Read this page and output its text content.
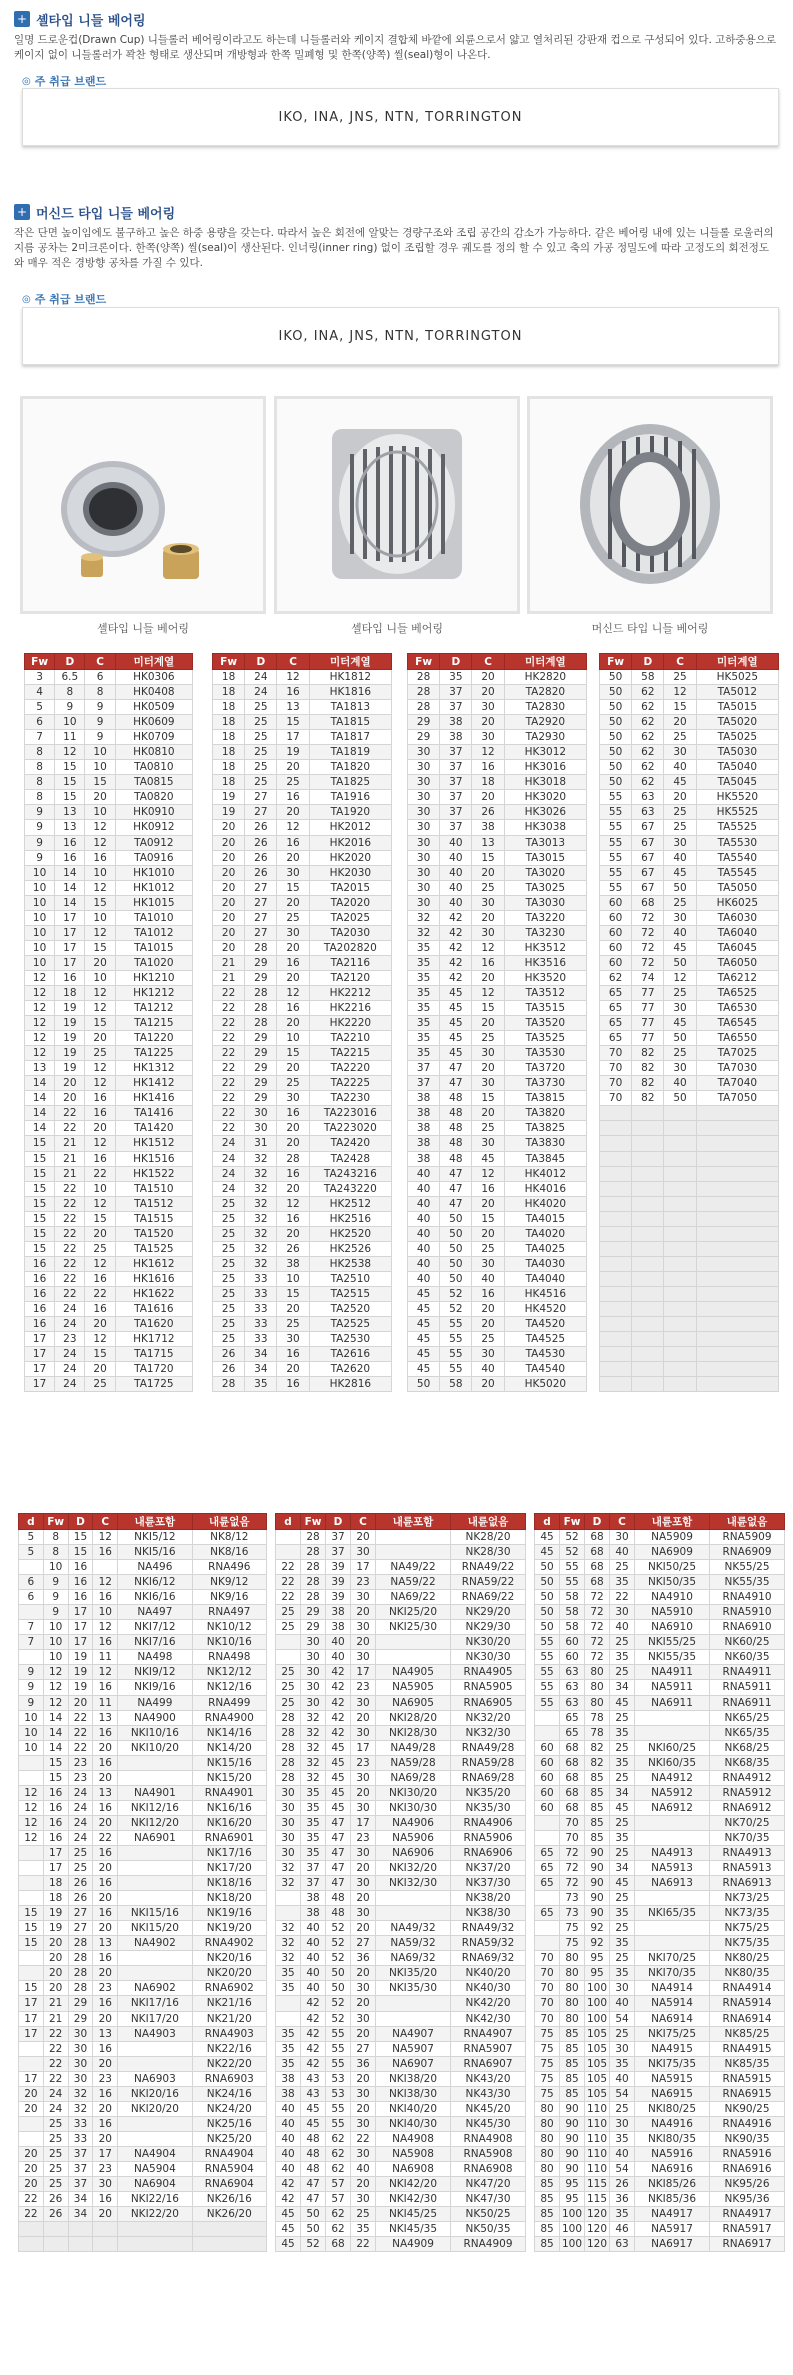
+ 셸타입 니들 베어링
일명 드로운컵(Drawn Cup) 니들롤러 베어링이라고도 하는데 니들롤러와 케이지 결합체 바깥에 외륜으로서 얇고 열처리된 강판재 컵으로 구성되어 있다. 고하중용으로 케이지 없이 니들롤러가 꽉찬 형태로 생산되며 개방형과 한쪽 밀폐형 및 한쪽(양쪽) 씰(seal)형이 나온다.
◎ 주 취급 브랜드
IKO, INA, JNS, NTN, TORRINGTON
+ 머신드 타입 니들 베어링
작은 단면 높이임에도 불구하고 높은 하중 용량을 갖는다. 따라서 높은 회전에 알맞는 경량구조와 조립 공간의 감소가 가능하다. 같은 베어링 내에 있는 니들롤 로울러의 지름 공차는 2미크론이다. 한쪽(양쪽) 씰(seal)이 생산된다. 인너링(inner ring) 없이 조립할 경우 궤도를 정의 할 수 있고 축의 가공 정밀도에 따라 고정도의 회전정도와 매우 적은 경방향 공차를 가질 수 있다.
◎ 주 취급 브랜드
IKO, INA, JNS, NTN, TORRINGTON
셸타입 니들 베어링	셸타입 니들 베어링	머신드 타입 니들 베어링
Fw	D	C	미터계열
3	6.5	6	HK0306
4	8	8	HK0408
5	9	9	HK0509
6	10	9	HK0609
7	11	9	HK0709
8	12	10	HK0810
8	15	10	TA0810
8	15	15	TA0815
8	15	20	TA0820
9	13	10	HK0910
9	13	12	HK0912
9	16	12	TA0912
9	16	16	TA0916
10	14	10	HK1010
10	14	12	HK1012
10	14	15	HK1015
10	17	10	TA1010
10	17	12	TA1012
10	17	15	TA1015
10	17	20	TA1020
12	16	10	HK1210
12	18	12	HK1212
12	19	12	TA1212
12	19	15	TA1215
12	19	20	TA1220
12	19	25	TA1225
13	19	12	HK1312
14	20	12	HK1412
14	20	16	HK1416
14	22	16	TA1416
14	22	20	TA1420
15	21	12	HK1512
15	21	16	HK1516
15	21	22	HK1522
15	22	10	TA1510
15	22	12	TA1512
15	22	15	TA1515
15	22	20	TA1520
15	22	25	TA1525
16	22	12	HK1612
16	22	16	HK1616
16	22	22	HK1622
16	24	16	TA1616
16	24	20	TA1620
17	23	12	HK1712
17	24	15	TA1715
17	24	20	TA1720
17	24	25	TA1725
Fw	D	C	미터계열
18	24	12	HK1812
18	24	16	HK1816
18	25	13	TA1813
18	25	15	TA1815
18	25	17	TA1817
18	25	19	TA1819
18	25	20	TA1820
18	25	25	TA1825
19	27	16	TA1916
19	27	20	TA1920
20	26	12	HK2012
20	26	16	HK2016
20	26	20	HK2020
20	26	30	HK2030
20	27	15	TA2015
20	27	20	TA2020
20	27	25	TA2025
20	27	30	TA2030
20	28	20	TA202820
21	29	16	TA2116
21	29	20	TA2120
22	28	12	HK2212
22	28	16	HK2216
22	28	20	HK2220
22	29	10	TA2210
22	29	15	TA2215
22	29	20	TA2220
22	29	25	TA2225
22	29	30	TA2230
22	30	16	TA223016
22	30	20	TA223020
24	31	20	TA2420
24	32	28	TA2428
24	32	16	TA243216
24	32	20	TA243220
25	32	12	HK2512
25	32	16	HK2516
25	32	20	HK2520
25	32	26	HK2526
25	32	38	HK2538
25	33	10	TA2510
25	33	15	TA2515
25	33	20	TA2520
25	33	25	TA2525
25	33	30	TA2530
26	34	16	TA2616
26	34	20	TA2620
28	35	16	HK2816
Fw	D	C	미터계열
28	35	20	HK2820
28	37	20	TA2820
28	37	30	TA2830
29	38	20	TA2920
29	38	30	TA2930
30	37	12	HK3012
30	37	16	HK3016
30	37	18	HK3018
30	37	20	HK3020
30	37	26	HK3026
30	37	38	HK3038
30	40	13	TA3013
30	40	15	TA3015
30	40	20	TA3020
30	40	25	TA3025
30	40	30	TA3030
32	42	20	TA3220
32	42	30	TA3230
35	42	12	HK3512
35	42	16	HK3516
35	42	20	HK3520
35	45	12	TA3512
35	45	15	TA3515
35	45	20	TA3520
35	45	25	TA3525
35	45	30	TA3530
37	47	20	TA3720
37	47	30	TA3730
38	48	15	TA3815
38	48	20	TA3820
38	48	25	TA3825
38	48	30	TA3830
38	48	45	TA3845
40	47	12	HK4012
40	47	16	HK4016
40	47	20	HK4020
40	50	15	TA4015
40	50	20	TA4020
40	50	25	TA4025
40	50	30	TA4030
40	50	40	TA4040
45	52	16	HK4516
45	52	20	HK4520
45	55	20	TA4520
45	55	25	TA4525
45	55	30	TA4530
45	55	40	TA4540
50	58	20	HK5020
Fw	D	C	미터계열
50	58	25	HK5025
50	62	12	TA5012
50	62	15	TA5015
50	62	20	TA5020
50	62	25	TA5025
50	62	30	TA5030
50	62	40	TA5040
50	62	45	TA5045
55	63	20	HK5520
55	63	25	HK5525
55	67	25	TA5525
55	67	30	TA5530
55	67	40	TA5540
55	67	45	TA5545
55	67	50	TA5050
60	68	25	HK6025
60	72	30	TA6030
60	72	40	TA6040
60	72	45	TA6045
60	72	50	TA6050
62	74	12	TA6212
65	77	25	TA6525
65	77	30	TA6530
65	77	45	TA6545
65	77	50	TA6550
70	82	25	TA7025
70	82	30	TA7030
70	82	40	TA7040
70	82	50	TA7050

d	Fw	D	C	내륜포함	내륜없음
5	8	15	12	NKI5/12	NK8/12
5	8	15	16	NKI5/16	NK8/16
	10	16		NA496	RNA496
6	9	16	12	NKI6/12	NK9/12
6	9	16	16	NKI6/16	NK9/16
	9	17	10	NA497	RNA497
7	10	17	12	NKI7/12	NK10/12
7	10	17	16	NKI7/16	NK10/16
	10	19	11	NA498	RNA498
9	12	19	12	NKI9/12	NK12/12
9	12	19	16	NKI9/16	NK12/16
9	12	20	11	NA499	RNA499
10	14	22	13	NA4900	RNA4900
10	14	22	16	NKI10/16	NK14/16
10	14	22	20	NKI10/20	NK14/20
	15	23	16		NK15/16
	15	23	20		NK15/20
12	16	24	13	NA4901	RNA4901
12	16	24	16	NKI12/16	NK16/16
12	16	24	20	NKI12/20	NK16/20
12	16	24	22	NA6901	RNA6901
	17	25	16		NK17/16
	17	25	20		NK17/20
	18	26	16		NK18/16
	18	26	20		NK18/20
15	19	27	16	NKI15/16	NK19/16
15	19	27	20	NKI15/20	NK19/20
15	20	28	13	NA4902	RNA4902
	20	28	16		NK20/16
	20	28	20		NK20/20
15	20	28	23	NA6902	RNA6902
17	21	29	16	NKI17/16	NK21/16
17	21	29	20	NKI17/20	NK21/20
17	22	30	13	NA4903	RNA4903
	22	30	16		NK22/16
	22	30	20		NK22/20
17	22	30	23	NA6903	RNA6903
20	24	32	16	NKI20/16	NK24/16
20	24	32	20	NKI20/20	NK24/20
	25	33	16		NK25/16
	25	33	20		NK25/20
20	25	37	17	NA4904	RNA4904
20	25	37	23	NA5904	RNA5904
20	25	37	30	NA6904	RNA6904
22	26	34	16	NKI22/16	NK26/16
22	26	34	20	NKI22/20	NK26/20

d	Fw	D	C	내륜포함	내륜없음
	28	37	20		NK28/20
	28	37	30		NK28/30
22	28	39	17	NA49/22	RNA49/22
22	28	39	23	NA59/22	RNA59/22
22	28	39	30	NA69/22	RNA69/22
25	29	38	20	NKI25/20	NK29/20
25	29	38	30	NKI25/30	NK29/30
	30	40	20		NK30/20
	30	40	30		NK30/30
25	30	42	17	NA4905	RNA4905
25	30	42	23	NA5905	RNA5905
25	30	42	30	NA6905	RNA6905
28	32	42	20	NKI28/20	NK32/20
28	32	42	30	NKI28/30	NK32/30
28	32	45	17	NA49/28	RNA49/28
28	32	45	23	NA59/28	RNA59/28
28	32	45	30	NA69/28	RNA69/28
30	35	45	20	NKI30/20	NK35/20
30	35	45	30	NKI30/30	NK35/30
30	35	47	17	NA4906	RNA4906
30	35	47	23	NA5906	RNA5906
30	35	47	30	NA6906	RNA6906
32	37	47	20	NKI32/20	NK37/20
32	37	47	30	NKI32/30	NK37/30
	38	48	20		NK38/20
	38	48	30		NK38/30
32	40	52	20	NA49/32	RNA49/32
32	40	52	27	NA59/32	RNA59/32
32	40	52	36	NA69/32	RNA69/32
35	40	50	20	NKI35/20	NK40/20
35	40	50	30	NKI35/30	NK40/30
	42	52	20		NK42/20
	42	52	30		NK42/30
35	42	55	20	NA4907	RNA4907
35	42	55	27	NA5907	RNA5907
35	42	55	36	NA6907	RNA6907
38	43	53	20	NKI38/20	NK43/20
38	43	53	30	NKI38/30	NK43/30
40	45	55	20	NKI40/20	NK45/20
40	45	55	30	NKI40/30	NK45/30
40	48	62	22	NA4908	RNA4908
40	48	62	30	NA5908	RNA5908
40	48	62	40	NA6908	RNA6908
42	47	57	20	NKI42/20	NK47/20
42	47	57	30	NKI42/30	NK47/30
45	50	62	25	NKI45/25	NK50/25
45	50	62	35	NKI45/35	NK50/35
45	52	68	22	NA4909	RNA4909
d	Fw	D	C	내륜포함	내륜없음
45	52	68	30	NA5909	RNA5909
45	52	68	40	NA6909	RNA6909
50	55	68	25	NKI50/25	NK55/25
50	55	68	35	NKI50/35	NK55/35
50	58	72	22	NA4910	RNA4910
50	58	72	30	NA5910	RNA5910
50	58	72	40	NA6910	RNA6910
55	60	72	25	NKI55/25	NK60/25
55	60	72	35	NKI55/35	NK60/35
55	63	80	25	NA4911	RNA4911
55	63	80	34	NA5911	RNA5911
55	63	80	45	NA6911	RNA6911
	65	78	25		NK65/25
	65	78	35		NK65/35
60	68	82	25	NKI60/25	NK68/25
60	68	82	35	NKI60/35	NK68/35
60	68	85	25	NA4912	RNA4912
60	68	85	34	NA5912	RNA5912
60	68	85	45	NA6912	RNA6912
	70	85	25		NK70/25
	70	85	35		NK70/35
65	72	90	25	NA4913	RNA4913
65	72	90	34	NA5913	RNA5913
65	72	90	45	NA6913	RNA6913
	73	90	25		NK73/25
65	73	90	35	NKI65/35	NK73/35
	75	92	25		NK75/25
	75	92	35		NK75/35
70	80	95	25	NKI70/25	NK80/25
70	80	95	35	NKI70/35	NK80/35
70	80	100	30	NA4914	RNA4914
70	80	100	40	NA5914	RNA5914
70	80	100	54	NA6914	RNA6914
75	85	105	25	NKI75/25	NK85/25
75	85	105	30	NA4915	RNA4915
75	85	105	35	NKI75/35	NK85/35
75	85	105	40	NA5915	RNA5915
75	85	105	54	NA6915	RNA6915
80	90	110	25	NKI80/25	NK90/25
80	90	110	30	NA4916	RNA4916
80	90	110	35	NKI80/35	NK90/35
80	90	110	40	NA5916	RNA5916
80	90	110	54	NA6916	RNA6916
85	95	115	26	NKI85/26	NK95/26
85	95	115	36	NKI85/36	NK95/36
85	100	120	35	NA4917	RNA4917
85	100	120	46	NA5917	RNA5917
85	100	120	63	NA6917	RNA6917
